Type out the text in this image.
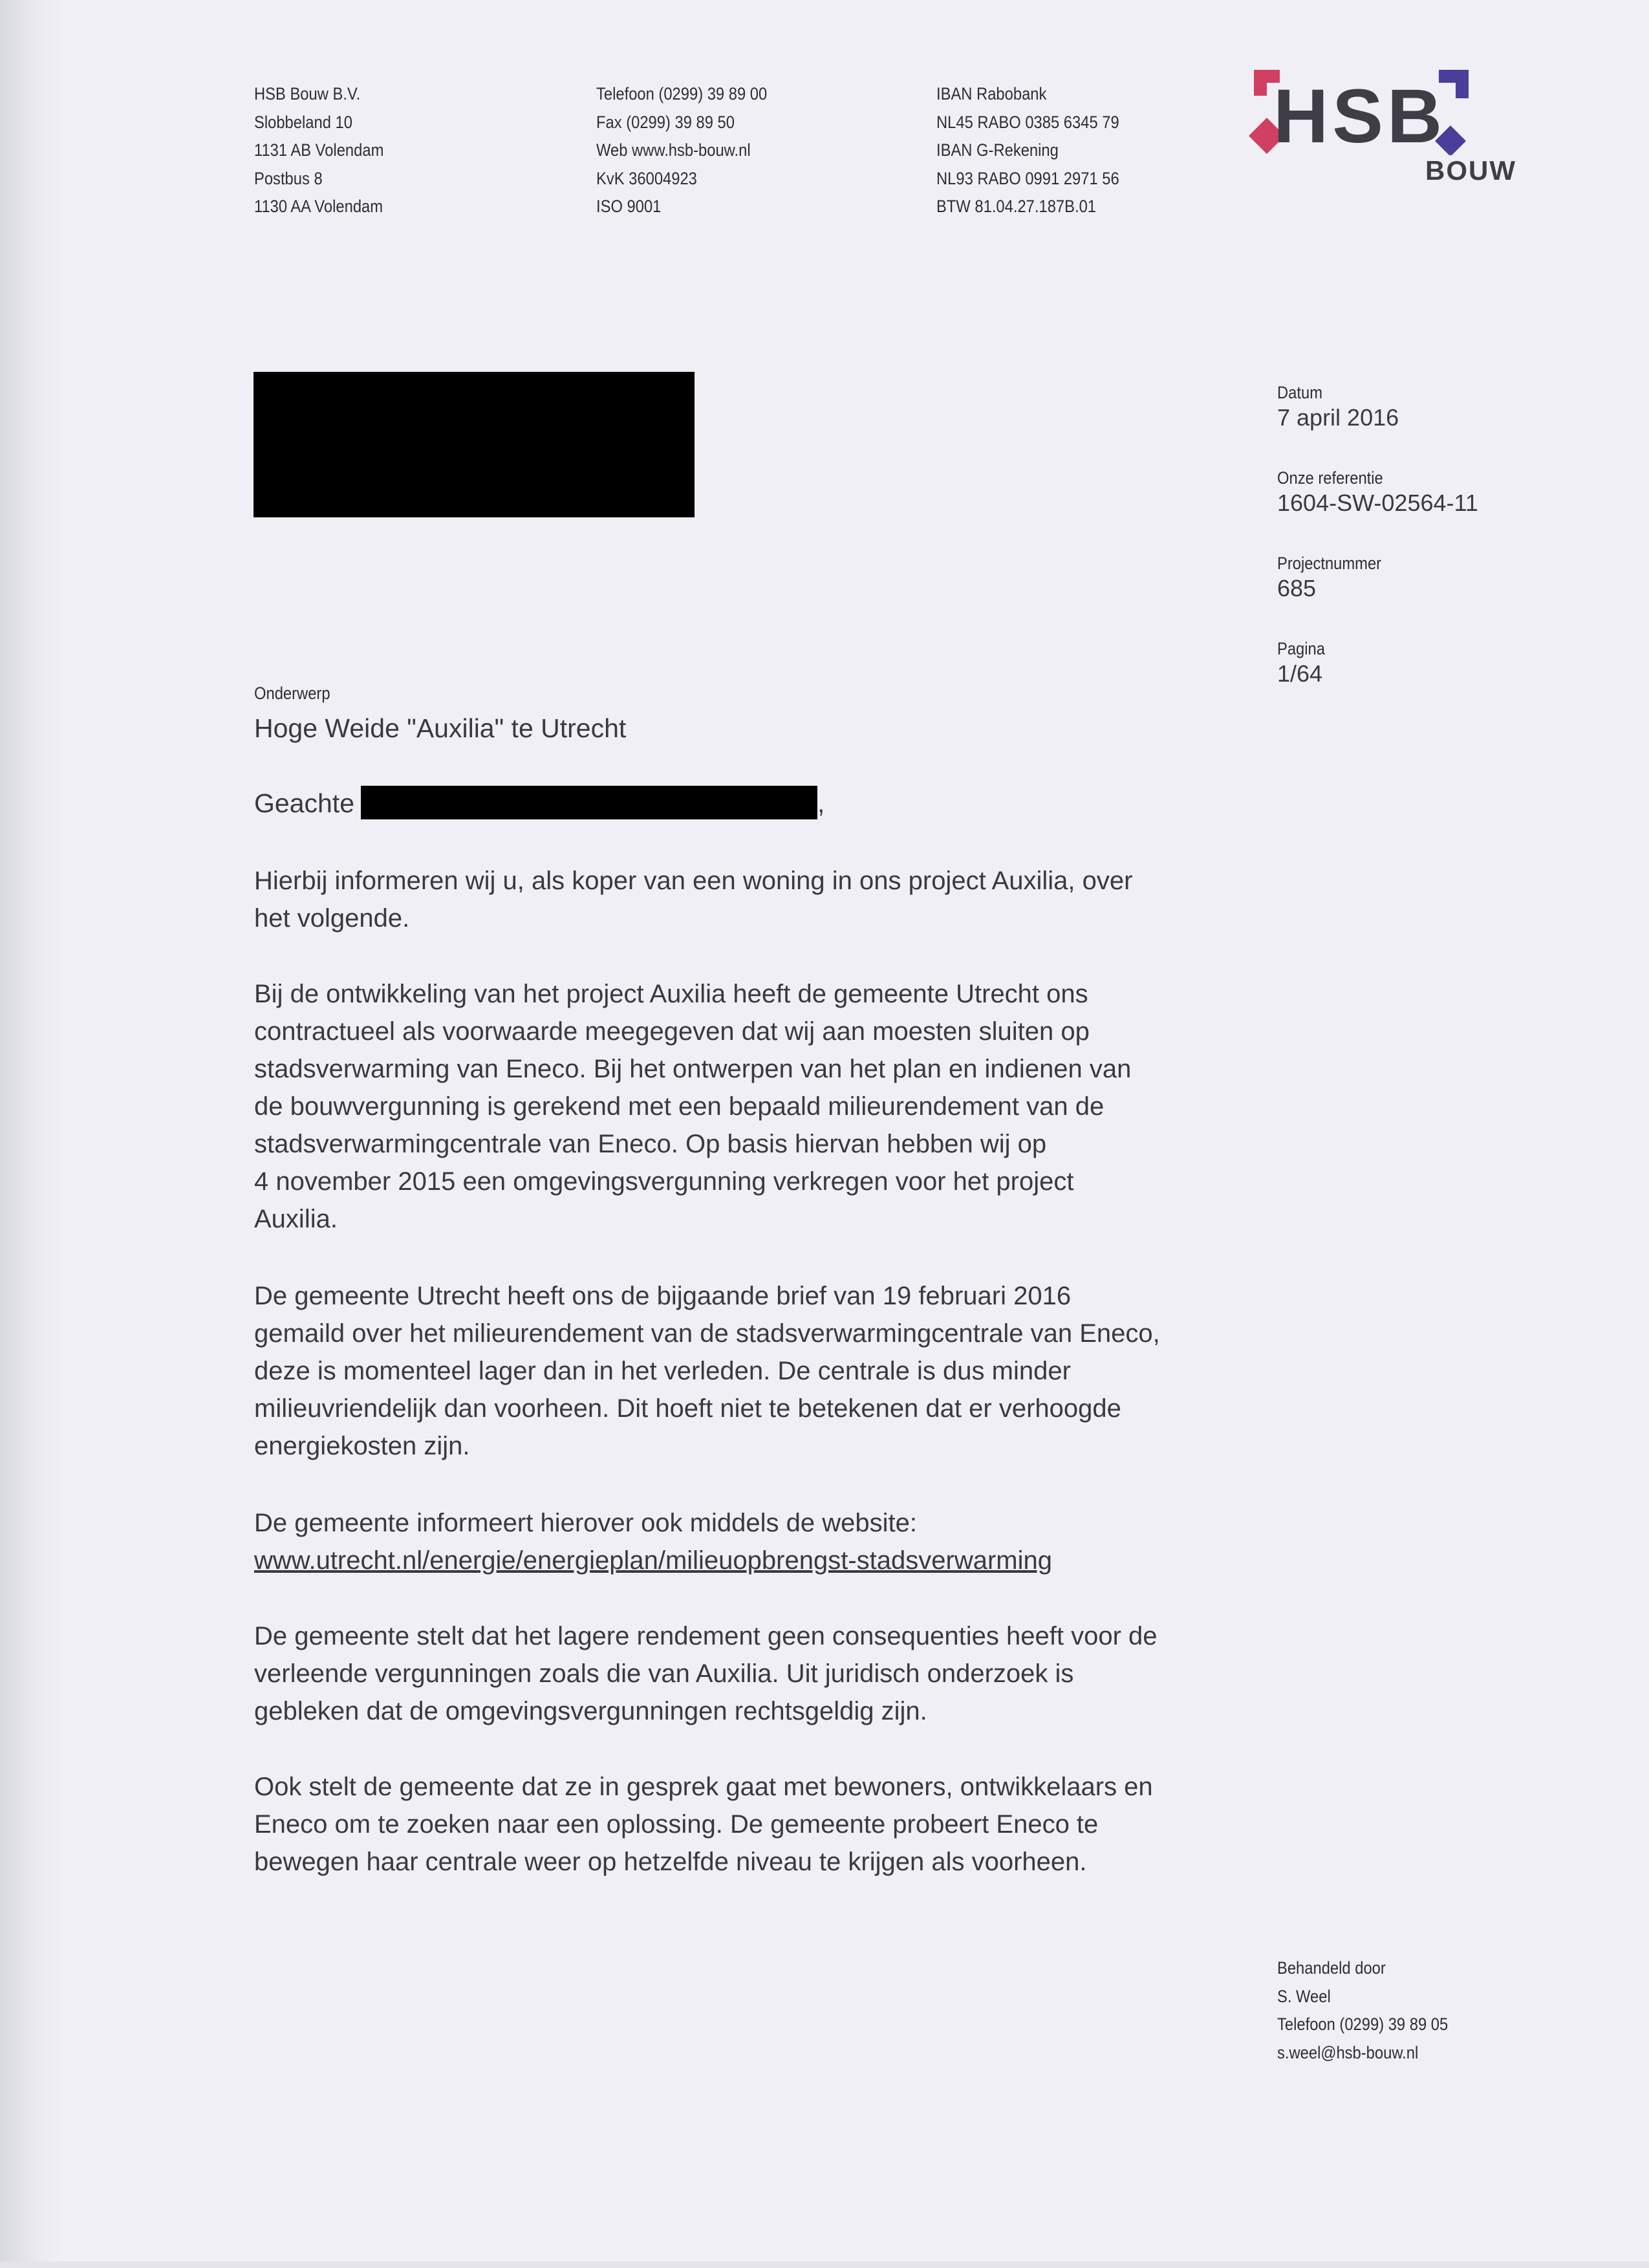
HSB Bouw B.V.
Slobbeland 10
1131 AB Volendam
Postbus 8
1130 AA Volendam
Telefoon (0299) 39 89 00
Fax (0299) 39 89 50
Web www.hsb-bouw.nl
KvK 36004923
ISO 9001
IBAN Rabobank
NL45 RABO 0385 6345 79
IBAN G-Rekening
NL93 RABO 0991 2971 56
BTW 81.04.27.187B.01
HSB
BOUW
Datum
7 april 2016
Onze referentie
1604-SW-02564-11
Projectnummer
685
Pagina
1/64
Onderwerp
Hoge Weide "Auxilia" te Utrecht
Geachte	,
Hierbij informeren wij u, als koper van een woning in ons project Auxilia, over
het volgende.
Bij de ontwikkeling van het project Auxilia heeft de gemeente Utrecht ons
contractueel als voorwaarde meegegeven dat wij aan moesten sluiten op
stadsverwarming van Eneco. Bij het ontwerpen van het plan en indienen van
de bouwvergunning is gerekend met een bepaald milieurendement van de
stadsverwarmingcentrale van Eneco. Op basis hiervan hebben wij op
4 november 2015 een omgevingsvergunning verkregen voor het project
Auxilia.
De gemeente Utrecht heeft ons de bijgaande brief van 19 februari 2016
gemaild over het milieurendement van de stadsverwarmingcentrale van Eneco,
deze is momenteel lager dan in het verleden. De centrale is dus minder
milieuvriendelijk dan voorheen. Dit hoeft niet te betekenen dat er verhoogde
energiekosten zijn.
De gemeente informeert hierover ook middels de website:
www.utrecht.nl/energie/energieplan/milieuopbrengst-stadsverwarming
De gemeente stelt dat het lagere rendement geen consequenties heeft voor de
verleende vergunningen zoals die van Auxilia. Uit juridisch onderzoek is
gebleken dat de omgevingsvergunningen rechtsgeldig zijn.
Ook stelt de gemeente dat ze in gesprek gaat met bewoners, ontwikkelaars en
Eneco om te zoeken naar een oplossing. De gemeente probeert Eneco te
bewegen haar centrale weer op hetzelfde niveau te krijgen als voorheen.
Behandeld door
S. Weel
Telefoon (0299) 39 89 05
s.weel@hsb-bouw.nl
